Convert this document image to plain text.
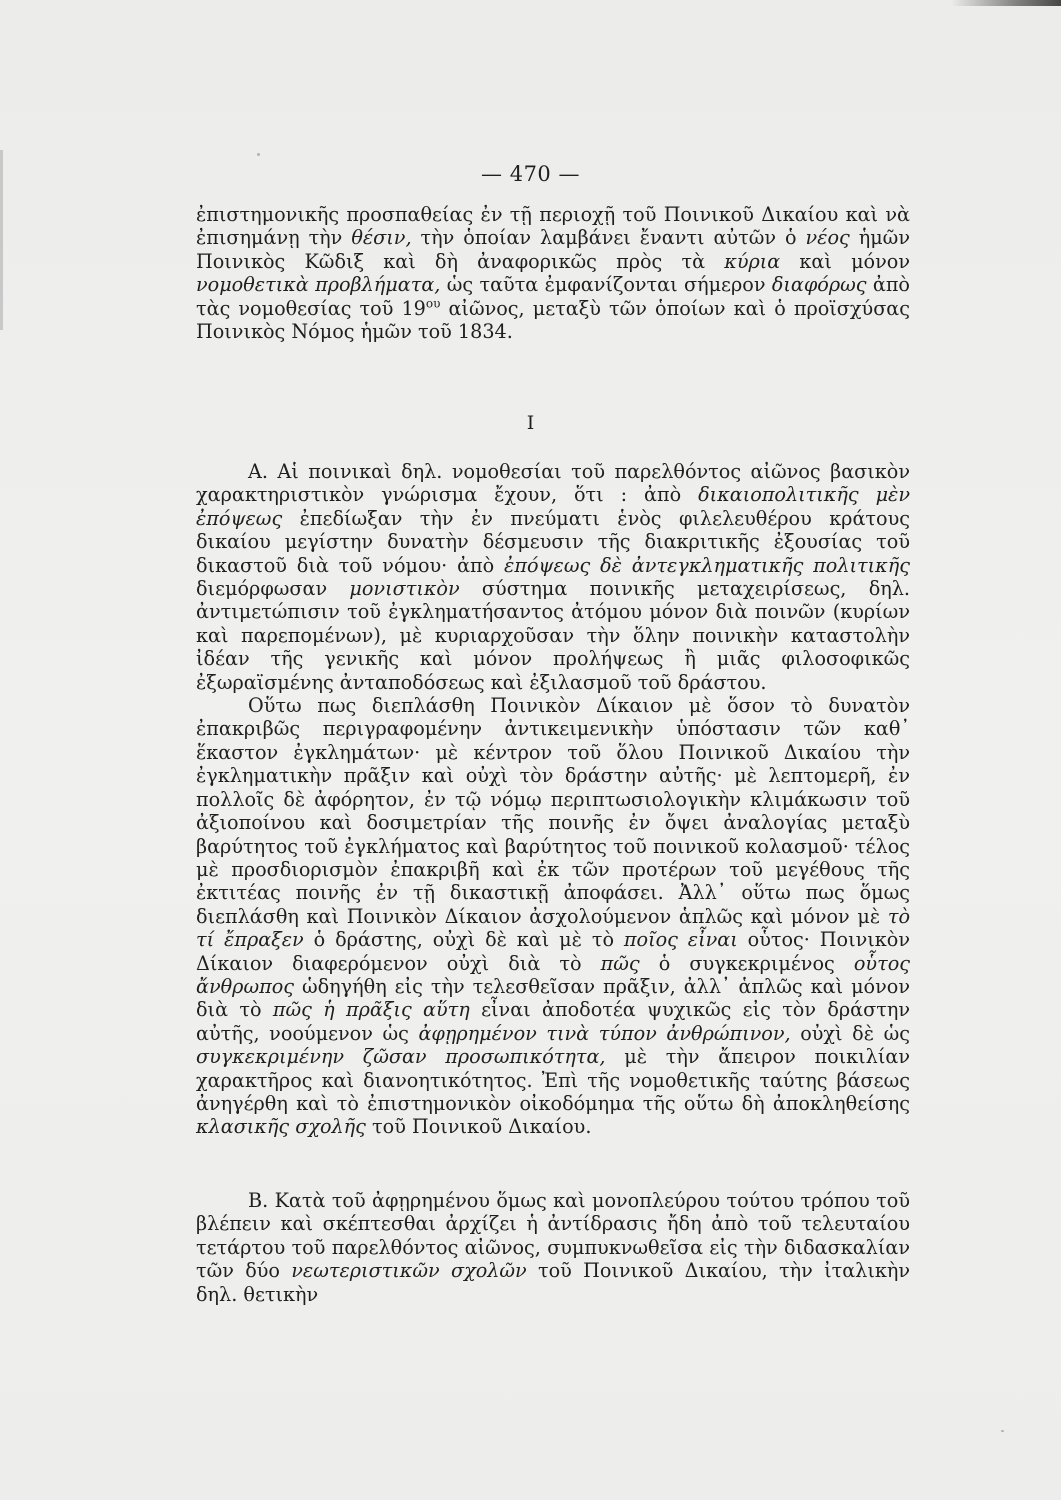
— 470 —

ἐπιστημονικῆς προσπαθείας ἐν τῇ περιοχῇ τοῦ Ποινικοῦ Δικαίου καὶ νὰ ἐπισημάνῃ τὴν θέσιν, τὴν ὁποίαν λαμβάνει ἔναντι αὐτῶν ὁ νέος ἡμῶν Ποινικὸς Κῶδιξ καὶ δὴ ἀναφορικῶς πρὸς τὰ κύρια καὶ μόνον νομοθετικὰ προβλήματα, ὡς ταῦτα ἐμφανίζονται σήμερον διαφόρως ἀπὸ τὰς νομοθεσίας τοῦ $19^{o\upsilon}$ αἰῶνος, μεταξὺ τῶν ὁποίων καὶ ὁ προϊσχύσας Ποινικὸς Νόμος ἡμῶν τοῦ 1834.

I

Α. Αἱ ποινικαὶ δηλ. νομοθεσίαι τοῦ παρελθόντος αἰῶνος βασικὸν χαρακτηριστικὸν γνώρισμα ἔχουν, ὅτι : ἀπὸ δικαιοπολιτικῆς μὲν ἐπόψεως ἐπεδίωξαν τὴν ἐν πνεύματι ἑνὸς φιλελευθέρου κράτους δικαίου μεγίστην δυνατὴν δέσμευσιν τῆς διακριτικῆς ἐξουσίας τοῦ δικαστοῦ διὰ τοῦ νόμου· ἀπὸ ἐπόψεως δὲ ἀντεγκληματικῆς πολιτικῆς διεμόρφωσαν μονιστικὸν σύστημα ποινικῆς μεταχειρίσεως, δηλ. ἀντιμετώπισιν τοῦ ἐγκληματήσαντος ἀτόμου μόνον διὰ ποινῶν (κυρίων καὶ παρεπομένων), μὲ κυριαρχοῦσαν τὴν ὅλην ποινικὴν καταστολὴν ἰδέαν τῆς γενικῆς καὶ μόνον προλήψεως ἢ μιᾶς φιλοσοφικῶς ἐξωραϊσμένης ἀνταποδόσεως καὶ ἐξιλασμοῦ τοῦ δράστου.

Οὕτω πως διεπλάσθη Ποινικὸν Δίκαιον μὲ ὅσον τὸ δυνατὸν ἐπακριβῶς περιγραφομένην ἀντικειμενικὴν ὑπόστασιν τῶν καθ᾽ ἕκαστον ἐγκλημάτων· μὲ κέντρον τοῦ ὅλου Ποινικοῦ Δικαίου τὴν ἐγκληματικὴν πρᾶξιν καὶ οὐχὶ τὸν δράστην αὐτῆς· μὲ λεπτομερῆ, ἐν πολλοῖς δὲ ἀφόρητον, ἐν τῷ νόμῳ περιπτωσιολογικὴν κλιμάκωσιν τοῦ ἀξιοποίνου καὶ δοσιμετρίαν τῆς ποινῆς ἐν ὄψει ἀναλογίας μεταξὺ βαρύτητος τοῦ ἐγκλήματος καὶ βαρύτητος τοῦ ποινικοῦ κολασμοῦ· τέλος μὲ προσδιορισμὸν ἐπακριβῆ καὶ ἐκ τῶν προτέρων τοῦ μεγέθους τῆς ἐκτιτέας ποινῆς ἐν τῇ δικαστικῇ ἀποφάσει. Ἀλλ᾽ οὕτω πως ὅμως διεπλάσθη καὶ Ποινικὸν Δίκαιον ἀσχολούμενον ἁπλῶς καὶ μόνον μὲ τὸ τί ἔπραξεν ὁ δράστης, οὐχὶ δὲ καὶ μὲ τὸ ποῖος εἶναι οὗτος· Ποινικὸν Δίκαιον διαφερόμενον οὐχὶ διὰ τὸ πῶς ὁ συγκεκριμένος οὗτος ἄνθρωπος ὡδηγήθη εἰς τὴν τελεσθεῖσαν πρᾶξιν, ἀλλ᾽ ἁπλῶς καὶ μόνον διὰ τὸ πῶς ἡ πρᾶξις αὕτη εἶναι ἀποδοτέα ψυχικῶς εἰς τὸν δράστην αὐτῆς, νοούμενον ὡς ἀφῃρημένον τινὰ τύπον ἀνθρώπινον, οὐχὶ δὲ ὡς συγκεκριμένην ζῶσαν προσωπικότητα, μὲ τὴν ἄπειρον ποικιλίαν χαρακτῆρος καὶ διανοητικότητος. Ἐπὶ τῆς νομοθετικῆς ταύτης βάσεως ἀνηγέρθη καὶ τὸ ἐπιστημονικὸν οἰκοδόμημα τῆς οὕτω δὴ ἀποκληθείσης κλασικῆς σχολῆς τοῦ Ποινικοῦ Δικαίου.

Β. Κατὰ τοῦ ἀφῃρημένου ὅμως καὶ μονοπλεύρου τούτου τρόπου τοῦ βλέπειν καὶ σκέπτεσθαι ἀρχίζει ἡ ἀντίδρασις ἤδη ἀπὸ τοῦ τελευταίου τετάρτου τοῦ παρελθόντος αἰῶνος, συμπυκνωθεῖσα εἰς τὴν διδασκαλίαν τῶν δύο νεωτεριστικῶν σχολῶν τοῦ Ποινικοῦ Δικαίου, τὴν ἰταλικὴν δηλ. θετικὴν
